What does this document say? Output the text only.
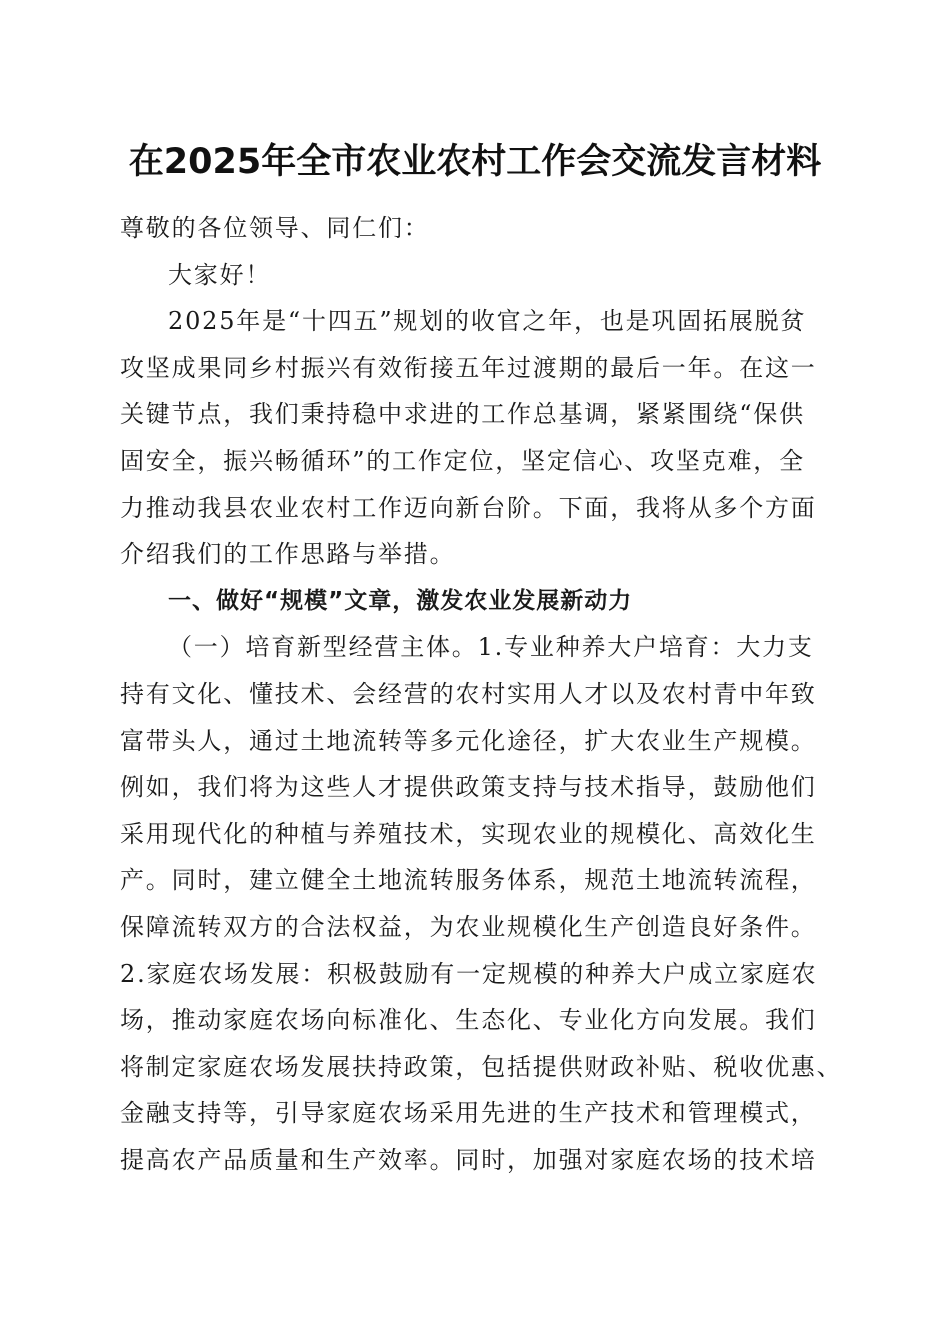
在2025年全市农业农村工作会交流发言材料
尊敬的各位领导、同仁们：
大家好！
2025年是“十四五”规划的收官之年，也是巩固拓展脱贫
攻坚成果同乡村振兴有效衔接五年过渡期的最后一年。在这一
关键节点，我们秉持稳中求进的工作总基调，紧紧围绕“保供
固安全，振兴畅循环”的工作定位，坚定信心、攻坚克难，全
力推动我县农业农村工作迈向新台阶。下面，我将从多个方面
介绍我们的工作思路与举措。
一、做好“规模”文章，激发农业发展新动力
（一）培育新型经营主体。1.专业种养大户培育：大力支
持有文化、懂技术、会经营的农村实用人才以及农村青中年致
富带头人，通过土地流转等多元化途径，扩大农业生产规模。
例如，我们将为这些人才提供政策支持与技术指导，鼓励他们
采用现代化的种植与养殖技术，实现农业的规模化、高效化生
产。同时，建立健全土地流转服务体系，规范土地流转流程，
保障流转双方的合法权益，为农业规模化生产创造良好条件。
2.家庭农场发展：积极鼓励有一定规模的种养大户成立家庭农
场，推动家庭农场向标准化、生态化、专业化方向发展。我们
将制定家庭农场发展扶持政策，包括提供财政补贴、税收优惠、
金融支持等，引导家庭农场采用先进的生产技术和管理模式，
提高农产品质量和生产效率。同时，加强对家庭农场的技术培
